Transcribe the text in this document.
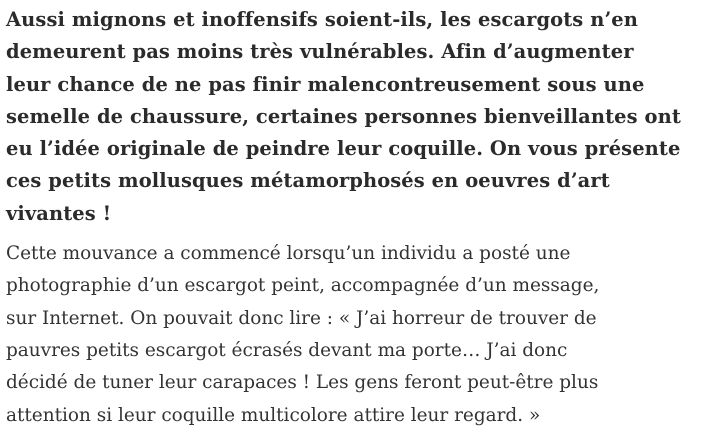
Aussi mignons et inoffensifs soient-ils, les escargots n’en
demeurent pas moins très vulnérables. Afin d’augmenter
leur chance de ne pas finir malencontreusement sous une
semelle de chaussure, certaines personnes bienveillantes ont
eu l’idée originale de peindre leur coquille. On vous présente
ces petits mollusques métamorphosés en oeuvres d’art
vivantes !

Cette mouvance a commencé lorsqu’un individu a posté une
photographie d’un escargot peint, accompagnée d’un message,
sur Internet. On pouvait donc lire : « J’ai horreur de trouver de
pauvres petits escargot écrasés devant ma porte… J’ai donc
décidé de tuner leur carapaces ! Les gens feront peut-être plus
attention si leur coquille multicolore attire leur regard. »
